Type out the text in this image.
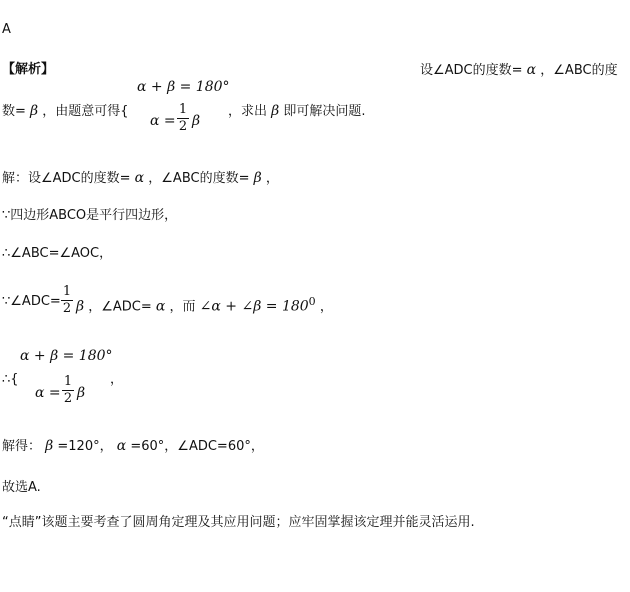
A
【解析】	设∠ADC的度数= α ，∠ABC的度
α + β = 180°
数= β ，由题意可得{
α =
1
2 β
，求出 β 即可解决问题.
解：设∠ADC的度数= α ，∠ABC的度数= β ，
∵四边形ABCO是平行四边形，
∴∠ABC=∠AOC，
∵∠ADC=
1
2 β ，∠ADC= α ，而 ∠α + ∠β = $180^0$ ，
α + β = 180°
∴{
α =
1
2 β
，
解得： β =120°， α =60°，∠ADC=60°，
故选A.
“点睛”该题主要考查了圆周角定理及其应用问题；应牢固掌握该定理并能灵活运用.
